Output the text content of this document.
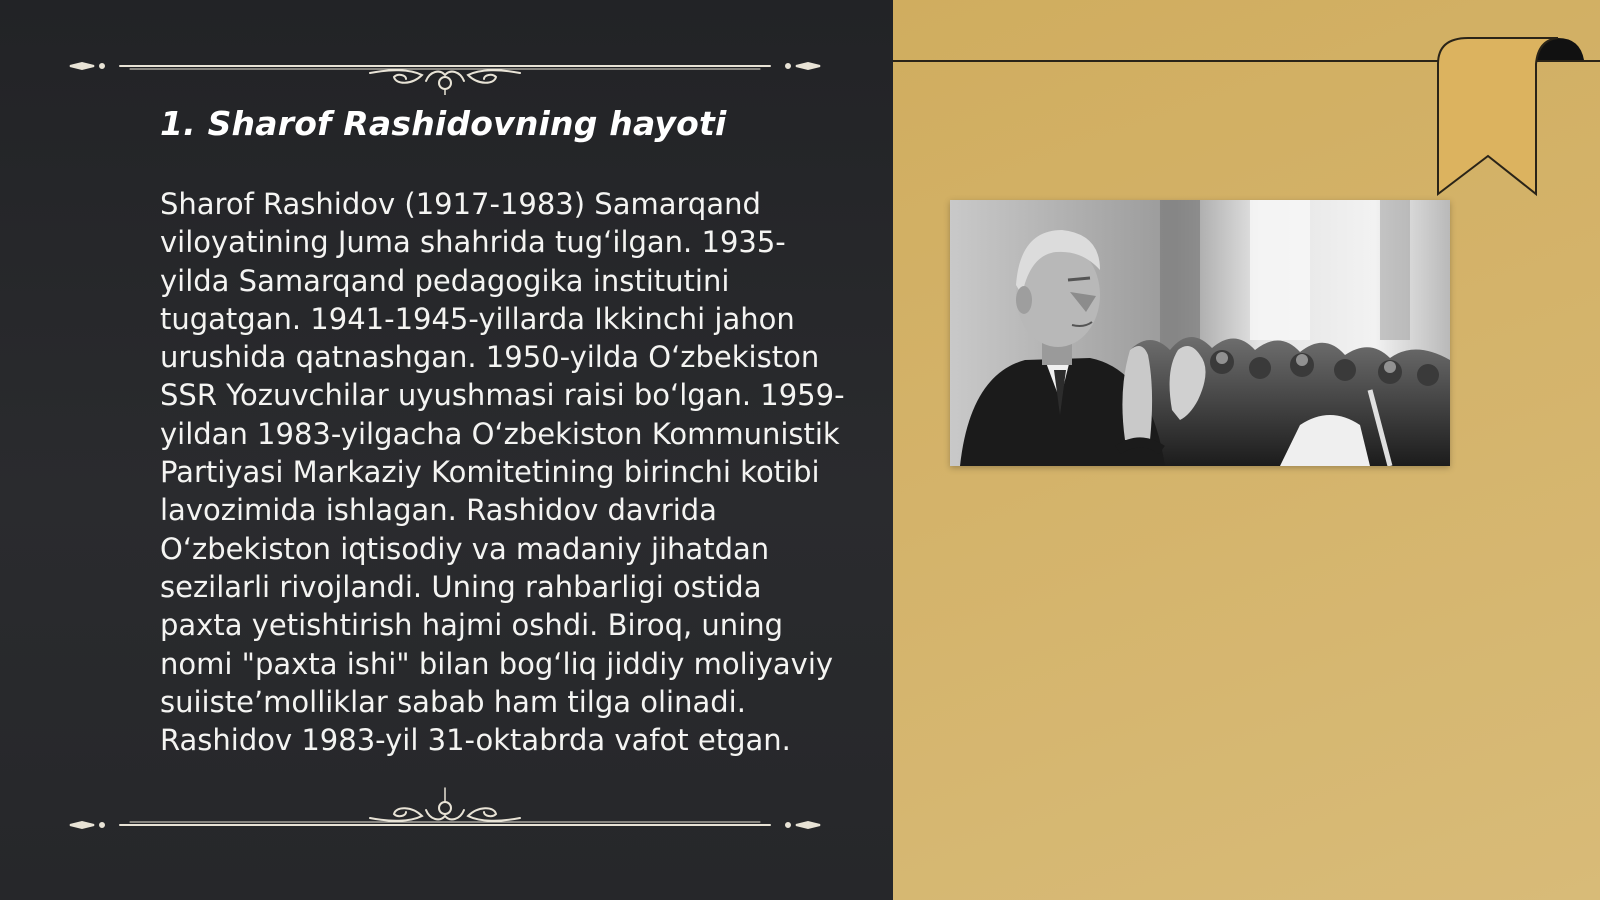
1. Sharof Rashidovning hayoti

Sharof Rashidov (1917-1983) Samarqand viloyatining Juma shahrida tug‘ilgan. 1935-yilda Samarqand pedagogika institutini tugatgan. 1941-1945-yillarda Ikkinchi jahon urushida qatnashgan. 1950-yilda O‘zbekiston SSR Yozuvchilar uyushmasi raisi bo‘lgan. 1959-yildan 1983-yilgacha O‘zbekiston Kommunistik Partiyasi Markaziy Komitetining birinchi kotibi lavozimida ishlagan. Rashidov davrida O‘zbekiston iqtisodiy va madaniy jihatdan sezilarli rivojlandi. Uning rahbarligi ostida paxta yetishtirish hajmi oshdi. Biroq, uning nomi "paxta ishi" bilan bog‘liq jiddiy moliyaviy suiiste’molliklar sabab ham tilga olinadi. Rashidov 1983-yil 31-oktabrda vafot etgan.
